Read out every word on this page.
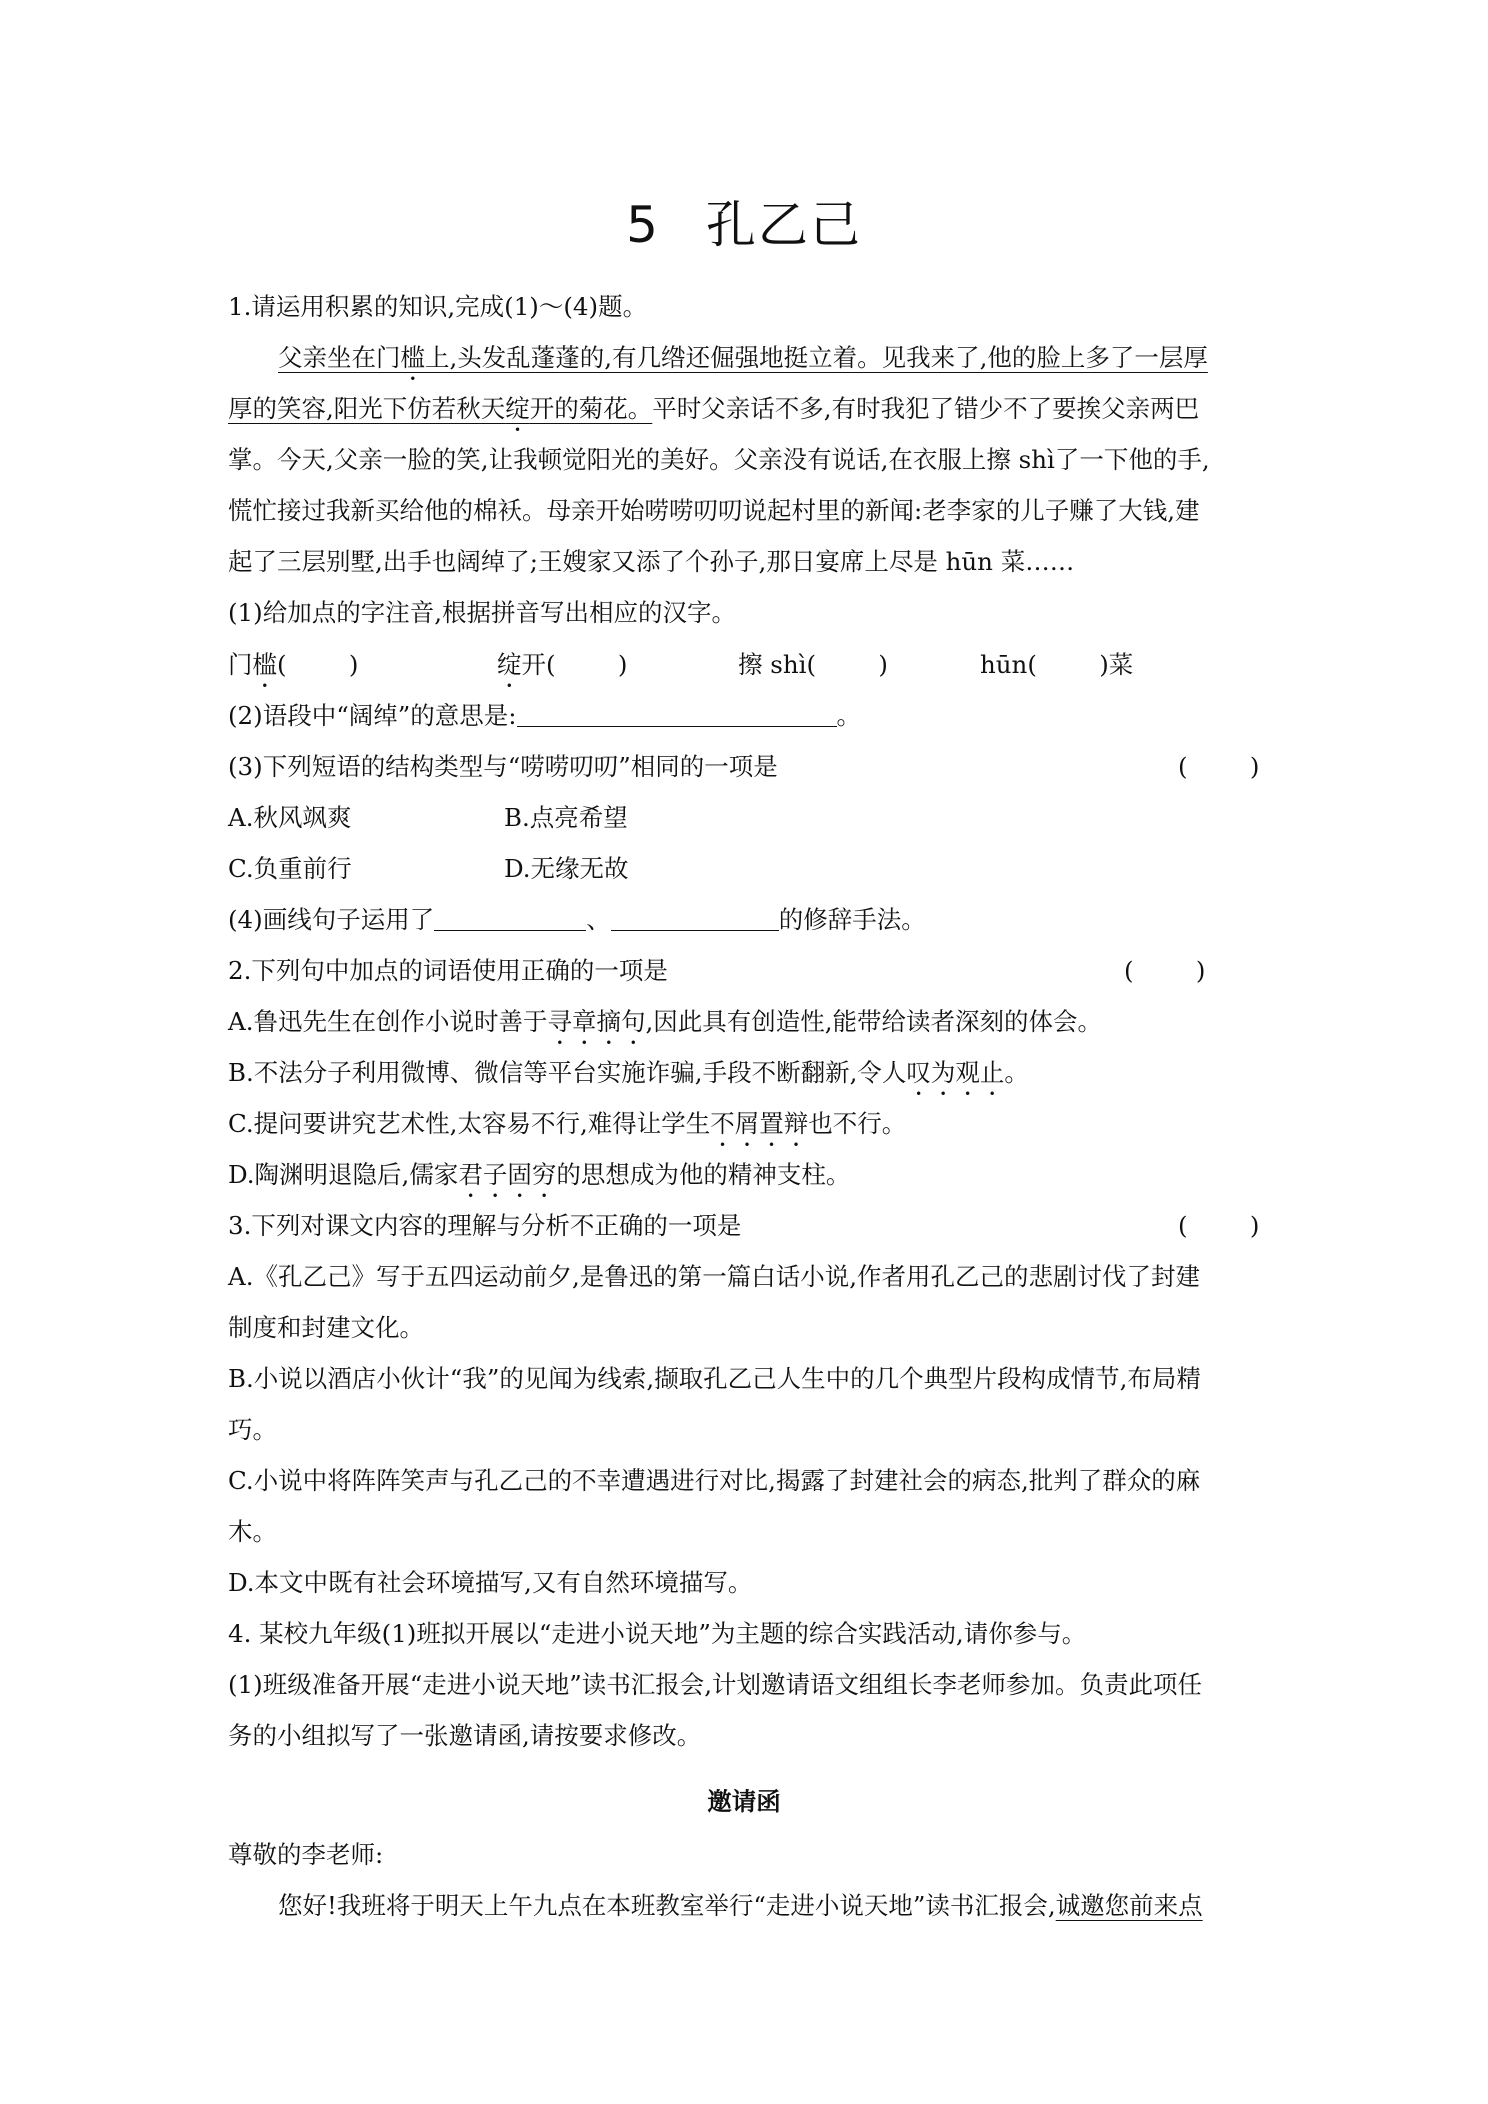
5 孔乙己
1.请运用积累的知识,完成(1)～(4)题。
父亲坐在门槛上,头发乱蓬蓬的,有几绺还倔强地挺立着。见我来了,他的脸上多了一层厚
厚的笑容,阳光下仿若秋天绽开的菊花。平时父亲话不多,有时我犯了错少不了要挨父亲两巴
掌。今天,父亲一脸的笑,让我顿觉阳光的美好。父亲没有说话,在衣服上擦 shì了一下他的手,
慌忙接过我新买给他的棉袄。母亲开始唠唠叨叨说起村里的新闻:老李家的儿子赚了大钱,建
起了三层别墅,出手也阔绰了;王嫂家又添了个孙子,那日宴席上尽是 hūn 菜……
(1)给加点的字注音,根据拼音写出相应的汉字。
门槛(        )	绽开(        )	擦 shì(        )	hūn(        )菜
(2)语段中“阔绰”的意思是:	。
(3)下列短语的结构类型与“唠唠叨叨”相同的一项是	(        )
A.秋风飒爽	B.点亮希望
C.负重前行	D.无缘无故
(4)画线句子运用了	、	的修辞手法。
2.下列句中加点的词语使用正确的一项是	(        )
A.鲁迅先生在创作小说时善于寻章摘句,因此具有创造性,能带给读者深刻的体会。
B.不法分子利用微博、微信等平台实施诈骗,手段不断翻新,令人叹为观止。
C.提问要讲究艺术性,太容易不行,难得让学生不屑置辩也不行。
D.陶渊明退隐后,儒家君子固穷的思想成为他的精神支柱。
3.下列对课文内容的理解与分析不正确的一项是	(        )
A.《孔乙己》写于五四运动前夕,是鲁迅的第一篇白话小说,作者用孔乙己的悲剧讨伐了封建
制度和封建文化。
B.小说以酒店小伙计“我”的见闻为线索,撷取孔乙己人生中的几个典型片段构成情节,布局精
巧。
C.小说中将阵阵笑声与孔乙己的不幸遭遇进行对比,揭露了封建社会的病态,批判了群众的麻
木。
D.本文中既有社会环境描写,又有自然环境描写。
4. 某校九年级(1)班拟开展以“走进小说天地”为主题的综合实践活动,请你参与。
(1)班级准备开展“走进小说天地”读书汇报会,计划邀请语文组组长李老师参加。负责此项任
务的小组拟写了一张邀请函,请按要求修改。
邀请函
尊敬的李老师:
您好!我班将于明天上午九点在本班教室举行“走进小说天地”读书汇报会,诚邀您前来点
